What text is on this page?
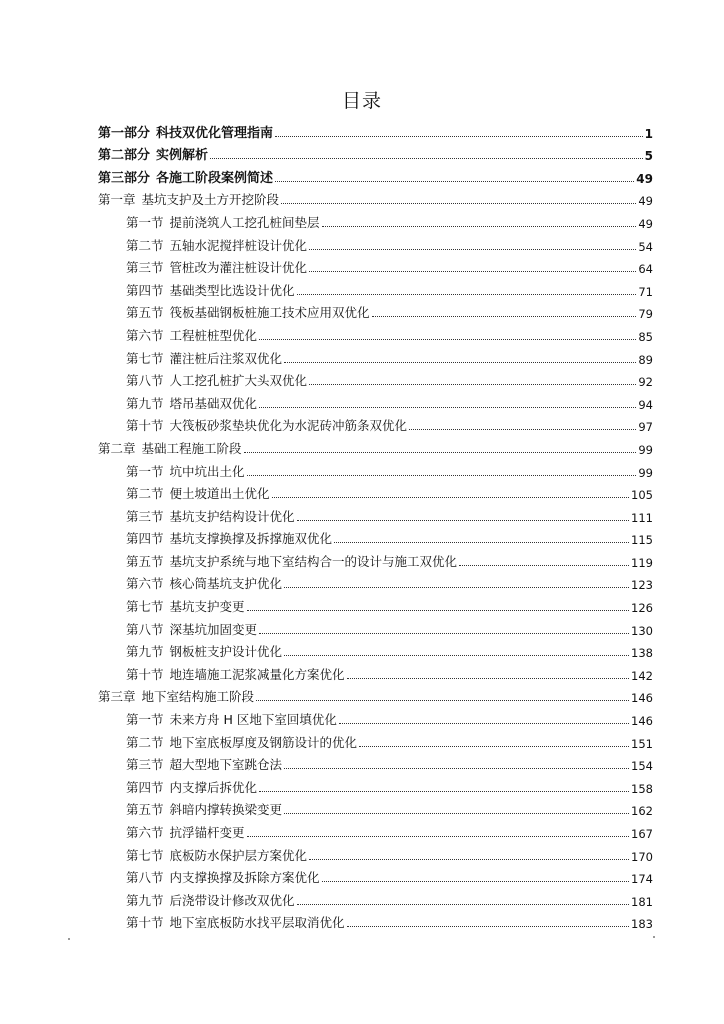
目录
第一部分 科技双优化管理指南	1
第二部分 实例解析	5
第三部分 各施工阶段案例简述	49
第一章 基坑支护及土方开挖阶段	49
第一节 提前浇筑人工挖孔桩间垫层	49
第二节 五轴水泥搅拌桩设计优化	54
第三节 管桩改为灌注桩设计优化	64
第四节 基础类型比选设计优化	71
第五节 筏板基础钢板桩施工技术应用双优化	79
第六节 工程桩桩型优化	85
第七节 灌注桩后注浆双优化	89
第八节 人工挖孔桩扩大头双优化	92
第九节 塔吊基础双优化	94
第十节 大筏板砂浆垫块优化为水泥砖冲筋条双优化	97
第二章 基础工程施工阶段	99
第一节 坑中坑出土化	99
第二节 便土坡道出土优化	105
第三节 基坑支护结构设计优化	111
第四节 基坑支撑换撑及拆撑施双优化	115
第五节 基坑支护系统与地下室结构合一的设计与施工双优化	119
第六节 核心筒基坑支护优化	123
第七节 基坑支护变更	126
第八节 深基坑加固变更	130
第九节 钢板桩支护设计优化	138
第十节 地连墙施工泥浆减量化方案优化	142
第三章 地下室结构施工阶段	146
第一节 未来方舟 H 区地下室回填优化	146
第二节 地下室底板厚度及钢筋设计的优化	151
第三节 超大型地下室跳仓法	154
第四节 内支撑后拆优化	158
第五节 斜暗内撑转换梁变更	162
第六节 抗浮锚杆变更	167
第七节 底板防水保护层方案优化	170
第八节 内支撑换撑及拆除方案优化	174
第九节 后浇带设计修改双优化	181
第十节 地下室底板防水找平层取消优化	183
